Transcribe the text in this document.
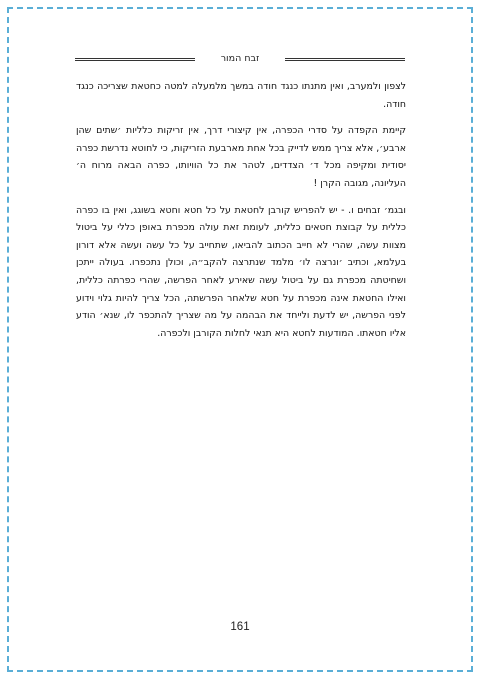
זבח המור

לצפון ולמערב, ואין מתנתו כנגד חודה במשך מלמעלה למטה כחטאת שצריכה כנגד חודה.

קיימת הקפדה על סדרי הכפרה, אין קיצורי דרך, אין זריקות כלליות ׳שתים שהן ארבע׳, אלא צריך ממש לדייק בכל אחת מארבעת הזריקות, כי לחוטא נדרשת כפרה יסודית ומקיפה מכל ד׳ הצדדים, לטהר את כל הוויותו, כפרה הבאה מרוח ה׳ העליונה, מגובה הקרן !

ובגמ׳ זבחים ו. - יש להפריש קורבן לחטאת על כל חטא וחטא בשוגג, ואין בו כפרה כללית על קבוצת חטאים כללית, לעומת זאת עולה מכפרת באופן כללי על ביטול מצוות עשה, שהרי לא חייב הכתוב להביאו, שתחייב על כל עשה ועשה אלא דורון בעלמא, וכתיב ׳ונרצה לו׳ מלמד שנתרצה להקב״ה, וכולן נתכפרו. בעולה ייתכן ושחיטתה מכפרת גם על ביטול עשה שאירע לאחר הפרשה, שהרי כפרתה כללית, ואילו החטאת אינה מכפרת על חטא שלאחר הפרשתה, הכל צריך להיות גלוי וידוע לפני הפרשה, יש לדעת ולייחד את הבהמה על מה שצריך להתכפר לו, שנא׳ הודע אליו חטאתו. המודעות לחטא היא תנאי לחלות הקורבן ולכפרה.

161
